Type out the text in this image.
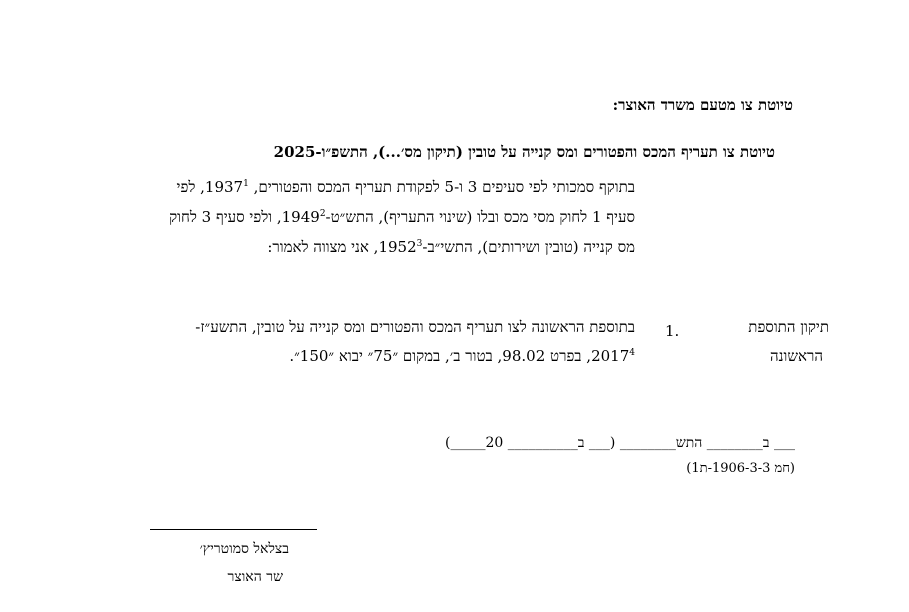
טיוטת צו מטעם משרד האוצר:
טיוטת צו תעריף המכס והפטורים ומס קנייה על טובין (תיקון מס׳...), התשפ״ו-2025
בתוקף סמכותי לפי סעיפים 3 ו-5 לפקודת תעריף המכס והפטורים, 1937$^1$, לפי
סעיף 1 לחוק מסי מכס ובלו (שינוי התעריף), התש״ט-1949$^2$, ולפי סעיף 3 לחוק
מס קנייה (טובין ושירותים), התשי״ב-1952$^3$, אני מצווה לאמור:
תיקון התוספת
הראשונה
1.
בתוספת הראשונה לצו תעריף המכס והפטורים ומס קנייה על טובין, התשע״ז-
2017$^4$, בפרט 98.02, בטור ב׳, במקום ״75״ יבוא ״150״.
___ ב________ התש________ (___ ב__________ 20_____)
(חמ 1906-3-3-ת1)
בצלאל סמוטריץ׳
שר האוצר
